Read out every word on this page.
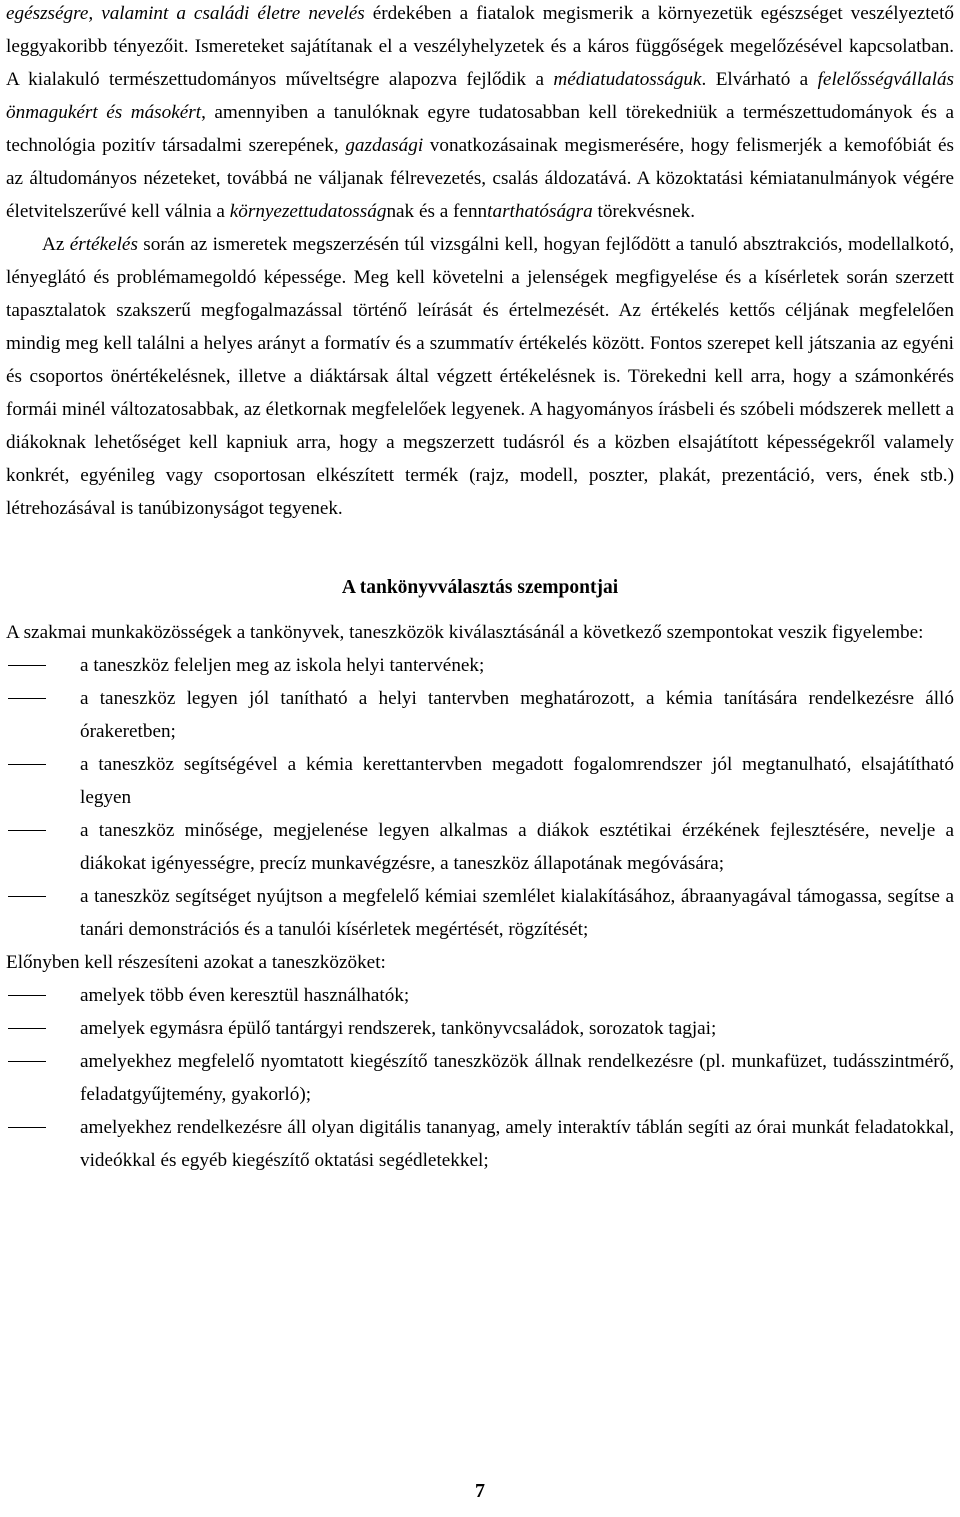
egészségre, valamint a családi életre nevelés érdekében a fiatalok megismerik a környezetük egészséget veszélyeztető leggyakoribb tényezőit. Ismereteket sajátítanak el a veszélyhelyzetek és a káros függőségek megelőzésével kapcsolatban. A kialakuló természettudományos műveltségre alapozva fejlődik a médiatudatosságuk. Elvárható a felelősségvállalás önmagukért és másokért, amennyiben a tanulóknak egyre tudatosabban kell törekedniük a természettudományok és a technológia pozitív társadalmi szerepének, gazdasági vonatkozásainak megismerésére, hogy felismerjék a kemofóbiát és az áltudományos nézeteket, továbbá ne váljanak félrevezetés, csalás áldozatává. A közoktatási kémiatanulmányok végére életvitelszerűvé kell válnia a környezettudatosságnak és a fenntarthatóságra törekvésnek.

Az értékelés során az ismeretek megszerzésén túl vizsgálni kell, hogyan fejlődött a tanuló absztrakciós, modellalkotó, lényeglátó és problémamegoldó képessége. Meg kell követelni a jelenségek megfigyelése és a kísérletek során szerzett tapasztalatok szakszerű megfogalmazással történő leírását és értelmezését. Az értékelés kettős céljának megfelelően mindig meg kell találni a helyes arányt a formatív és a szummatív értékelés között. Fontos szerepet kell játszania az egyéni és csoportos önértékelésnek, illetve a diáktársak által végzett értékelésnek is. Törekedni kell arra, hogy a számonkérés formái minél változatosabbak, az életkornak megfelelőek legyenek. A hagyományos írásbeli és szóbeli módszerek mellett a diákoknak lehetőséget kell kapniuk arra, hogy a megszerzett tudásról és a közben elsajátított képességekről valamely konkrét, egyénileg vagy csoportosan elkészített termék (rajz, modell, poszter, plakát, prezentáció, vers, ének stb.) létrehozásával is tanúbizonyságot tegyenek.

A tankönyvválasztás szempontjai

A szakmai munkaközösségek a tankönyvek, taneszközök kiválasztásánál a következő szempontokat veszik figyelembe:

a taneszköz feleljen meg az iskola helyi tantervének;
a taneszköz legyen jól tanítható a helyi tantervben meghatározott, a kémia tanítására rendelkezésre álló órakeretben;
a taneszköz segítségével a kémia kerettantervben megadott fogalomrendszer jól megtanulható, elsajátítható legyen
a taneszköz minősége, megjelenése legyen alkalmas a diákok esztétikai érzékének fejlesztésére, nevelje a diákokat igényességre, precíz munkavégzésre, a taneszköz állapotának megóvására;
a taneszköz segítséget nyújtson a megfelelő kémiai szemlélet kialakításához, ábraanyagával támogassa, segítse a tanári demonstrációs és a tanulói kísérletek megértését, rögzítését;

Előnyben kell részesíteni azokat a taneszközöket:

amelyek több éven keresztül használhatók;
amelyek egymásra épülő tantárgyi rendszerek, tankönyvcsaládok, sorozatok tagjai;
amelyekhez megfelelő nyomtatott kiegészítő taneszközök állnak rendelkezésre (pl. munkafüzet, tudásszintmérő, feladatgyűjtemény, gyakorló);
amelyekhez rendelkezésre áll olyan digitális tananyag, amely interaktív táblán segíti az órai munkát feladatokkal, videókkal és egyéb kiegészítő oktatási segédletekkel;
7
